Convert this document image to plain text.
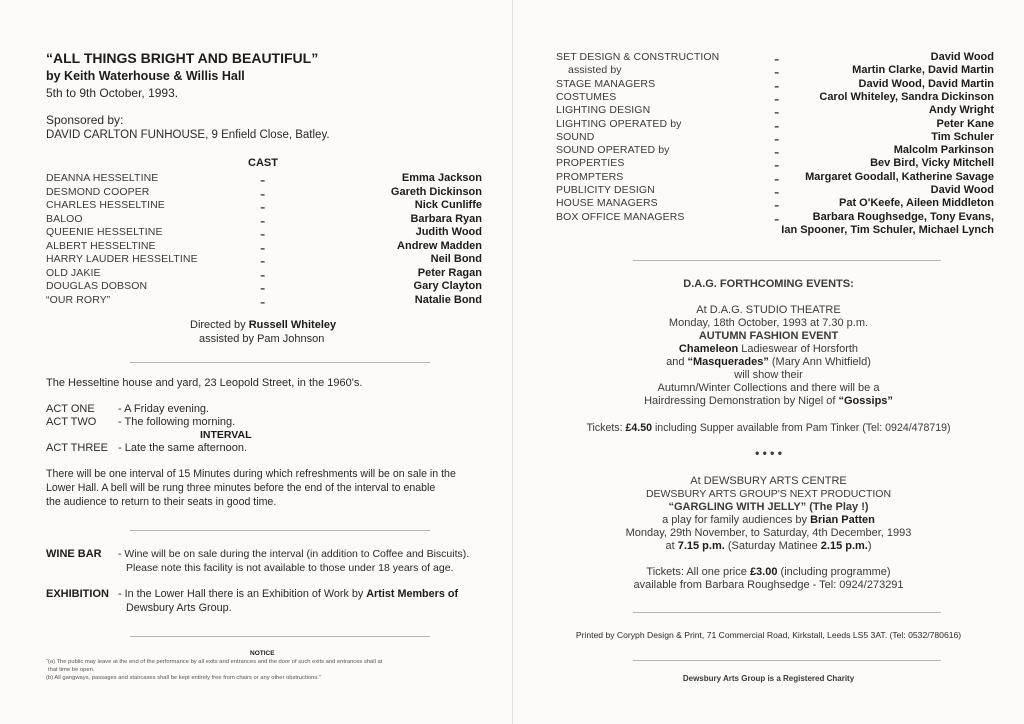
“ALL THINGS BRIGHT AND BEAUTIFUL”
by Keith Waterhouse & Willis Hall
5th to 9th October, 1993.
Sponsored by:
DAVID CARLTON FUNHOUSE, 9 Enfield Close, Batley.
CAST
DEANNA HESSELTINE	-	Emma Jackson
DESMOND COOPER	-	Gareth Dickinson
CHARLES HESSELTINE	-	Nick Cunliffe
BALOO	-	Barbara Ryan
QUEENIE HESSELTINE	-	Judith Wood
ALBERT HESSELTINE	-	Andrew Madden
HARRY LAUDER HESSELTINE	-	Neil Bond
OLD JAKIE	-	Peter Ragan
DOUGLAS DOBSON	-	Gary Clayton
“OUR RORY”	-	Natalie Bond
Directed by Russell Whiteley
assisted by Pam Johnson
The Hesseltine house and yard, 23 Leopold Street, in the 1960's.
ACT ONE - A Friday evening.
ACT TWO - The following morning.
INTERVAL
ACT THREE - Late the same afternoon.
There will be one interval of 15 Minutes during which refreshments will be on sale in the
Lower Hall. A bell will be rung three minutes before the end of the interval to enable
the audience to return to their seats in good time.
WINE BAR - Wine will be on sale during the interval (in addition to Coffee and Biscuits).
Please note this facility is not available to those under 18 years of age.
EXHIBITION - In the Lower Hall there is an Exhibition of Work by Artist Members of
Dewsbury Arts Group.
NOTICE
“(a) The public may leave at the end of the performance by all exits and entrances and the door of such exits and entrances shall at
that time be open.
(b) All gangways, passages and staircases shall be kept entirely free from chairs or any other obstructions.”
SET DESIGN & CONSTRUCTION	-	David Wood
assisted by	-	Martin Clarke, David Martin
STAGE MANAGERS	-	David Wood, David Martin
COSTUMES	-	Carol Whiteley, Sandra Dickinson
LIGHTING DESIGN	-	Andy Wright
LIGHTING OPERATED by	-	Peter Kane
SOUND	-	Tim Schuler
SOUND OPERATED by	-	Malcolm Parkinson
PROPERTIES	-	Bev Bird, Vicky Mitchell
PROMPTERS	- Margaret Goodall, Katherine Savage
PUBLICITY DESIGN	-	David Wood
HOUSE MANAGERS	-	Pat O'Keefe, Aileen Middleton
BOX OFFICE MANAGERS	-	Barbara Roughsedge, Tony Evans,
Ian Spooner, Tim Schuler, Michael Lynch
D.A.G. FORTHCOMING EVENTS:
At D.A.G. STUDIO THEATRE
Monday, 18th October, 1993 at 7.30 p.m.
AUTUMN FASHION EVENT
Chameleon Ladieswear of Horsforth
and “Masquerades” (Mary Ann Whitfield)
will show their
Autumn/Winter Collections and there will be a
Hairdressing Demonstration by Nigel of “Gossips”
Tickets: £4.50 including Supper available from Pam Tinker (Tel: 0924/478719)
• • • •
At DEWSBURY ARTS CENTRE
DEWSBURY ARTS GROUP'S NEXT PRODUCTION
“GARGLING WITH JELLY” (The Play !)
a play for family audiences by Brian Patten
Monday, 29th November, to Saturday, 4th December, 1993
at 7.15 p.m. (Saturday Matinee 2.15 p.m.)
Tickets: All one price £3.00 (including programme)
available from Barbara Roughsedge - Tel: 0924/273291
Printed by Coryph Design & Print, 71 Commercial Road, Kirkstall, Leeds LS5 3AT. (Tel: 0532/780616)
Dewsbury Arts Group is a Registered Charity
